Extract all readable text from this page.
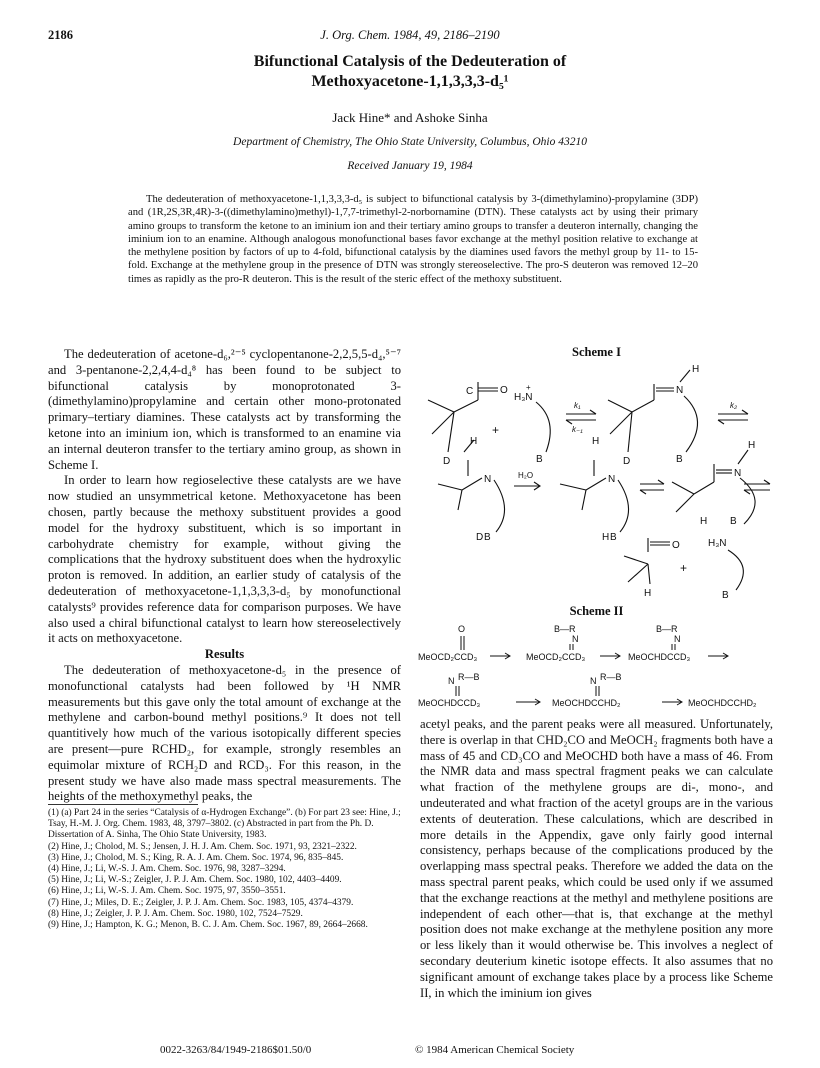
2186	J. Org. Chem. 1984, 49, 2186–2190
Bifunctional Catalysis of the Dedeuteration of
Methoxyacetone-1,1,3,3,3-d₅¹
Jack Hine* and Ashoke Sinha
Department of Chemistry, The Ohio State University, Columbus, Ohio 43210
Received January 19, 1984
The dedeuteration of methoxyacetone-1,1,3,3,3-d₅ is subject to bifunctional catalysis by 3-(dimethylamino)-propylamine (3DP) and (1R,2S,3R,4R)-3-((dimethylamino)methyl)-1,7,7-trimethyl-2-norbornamine (DTN). These catalysts act by using their primary amino groups to transform the ketone to an iminium ion and their tertiary amino groups to transfer a deuteron internally, changing the iminium ion to an enamine. Although analogous monofunctional bases favor exchange at the methyl position relative to exchange at the methylene position by factors of up to 4-fold, bifunctional catalysis by the diamines used favors the methyl group by 11- to 15-fold. Exchange at the methylene group in the presence of DTN was strongly stereoselective. The pro-S deuteron was removed 12–20 times as rapidly as the pro-R deuteron. This is the result of the steric effect of the methoxy substituent.

The dedeuteration of acetone-d₆,²⁻⁵ cyclopentanone-2,2,5,5-d₄,⁵⁻⁷ and 3-pentanone-2,2,4,4-d₄⁸ has been found to be subject to bifunctional catalysis by monoprotonated 3-(dimethylamino)propylamine and certain other mono-protonated primary–tertiary diamines. These catalysts act by transforming the ketone into an iminium ion, which is transformed to an enamine via an internal deuteron transfer to the tertiary amino group, as shown in Scheme I.

In order to learn how regioselective these catalysts are we have now studied an unsymmetrical ketone. Methoxyacetone has been chosen, partly because the methoxy substituent provides a good model for the hydroxy substituent, which is so important in carbohydrate chemistry for example, without giving the complications that the hydroxy substituent does when the hydroxylic proton is removed. In addition, an earlier study of catalysis of the dedeuteration of methoxyacetone-1,1,3,3,3-d₅ by monofunctional catalysts⁹ provides reference data for comparison purposes. We have also used a chiral bifunctional catalyst to learn how stereoselectively it acts on methoxyacetone.

Results

The dedeuteration of methoxyacetone-d₅ in the presence of monofunctional catalysts had been followed by ¹H NMR measurements but this gave only the total amount of exchange at the methylene and carbon-bound methyl positions.⁹ It does not tell quantitively how much of the various isotopically different species are present—pure RCHD₂, for example, strongly resembles an equimolar mixture of RCH₂D and RCD₃. For this reason, in the present study we have also made mass spectral measurements. The heights of the methoxymethyl peaks, the

(1) (a) Part 24 in the series “Catalysis of α-Hydrogen Exchange”. (b) For part 23 see: Hine, J.; Tsay, H.-M. J. Org. Chem. 1983, 48, 3797–3802. (c) Abstracted in part from the Ph. D. Dissertation of A. Sinha, The Ohio State University, 1983.
(2) Hine, J.; Cholod, M. S.; Jensen, J. H. J. Am. Chem. Soc. 1971, 93, 2321–2322.
(3) Hine, J.; Cholod, M. S.; King, R. A. J. Am. Chem. Soc. 1974, 96, 835–845.
(4) Hine, J.; Li, W.-S. J. Am. Chem. Soc. 1976, 98, 3287–3294.
(5) Hine, J.; Li, W.-S.; Zeigler, J. P. J. Am. Chem. Soc. 1980, 102, 4403–4409.
(6) Hine, J.; Li, W.-S. J. Am. Chem. Soc. 1975, 97, 3550–3551.
(7) Hine, J.; Miles, D. E.; Zeigler, J. P. J. Am. Chem. Soc. 1983, 105, 4374–4379.
(8) Hine, J.; Zeigler, J. P. J. Am. Chem. Soc. 1980, 102, 7524–7529.
(9) Hine, J.; Hampton, K. G.; Menon, B. C. J. Am. Chem. Soc. 1967, 89, 2664–2668.
Scheme I
C	O
D
+
H₃N
+
B
k₁
k₋₁
N
H
B
D
k₂
H
N
D B
H₂O
H
N
H B
N
H
H B
O
H
+
H₃N
B
Scheme II
O
MeOCD₂CCD₃
B—R
N
MeOCD₂CCD₃
B—R
N
MeOCHDCCD₃
R—B
N
MeOCHDCCD₃
R—B
N
MeOCHDCCHD₂	MeOCHDCCHD₂
acetyl peaks, and the parent peaks were all measured. Unfortunately, there is overlap in that CHD₂CO and MeOCH₂ fragments both have a mass of 45 and CD₃CO and MeOCHD both have a mass of 46. From the NMR data and mass spectral fragment peaks we can calculate what fraction of the methylene groups are di-, mono-, and undeuterated and what fraction of the acetyl groups are in the various extents of deuteration. These calculations, which are described in more details in the Appendix, gave only fairly good internal consistency, perhaps because of the complications produced by the overlapping mass spectral peaks. Therefore we added the data on the mass spectral parent peaks, which could be used only if we assumed that the exchange reactions at the methyl and methylene positions are independent of each other—that is, that exchange at the methyl position does not make exchange at the methylene position any more or less likely than it would otherwise be. This involves a neglect of secondary deuterium kinetic isotope effects. It also assumes that no significant amount of exchange takes place by a process like Scheme II, in which the iminium ion gives
0022-3263/84/1949-2186$01.50/0	© 1984 American Chemical Society
